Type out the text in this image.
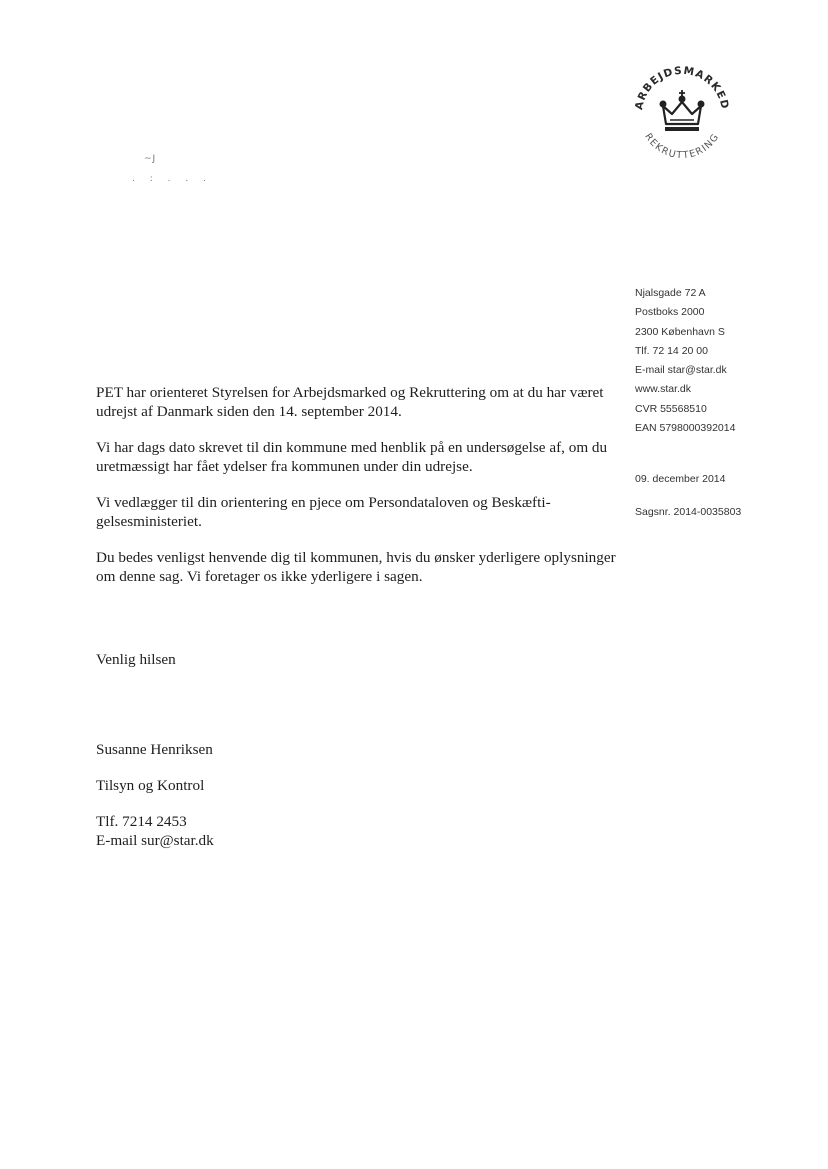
ARBEJDSMARKED
REKRUTTERING
~J
. : . . .
Njalsgade 72 A
Postboks 2000
2300 København S
Tlf. 72 14 20 00
E-mail star@star.dk
www.star.dk
CVR 55568510
EAN 5798000392014
09. december 2014
Sagsnr. 2014-0035803

PET har orienteret Styrelsen for Arbejdsmarked og Rekruttering om at du har været udrejst af Danmark siden den 14. september 2014.

Vi har dags dato skrevet til din kommune med henblik på en undersøgelse af, om du uretmæssigt har fået ydelser fra kommunen under din udrejse.

Vi vedlægger til din orientering en pjece om Persondataloven og Beskæftigelsesministeriet.

Du bedes venligst henvende dig til kommunen, hvis du ønsker yderligere oplysninger om denne sag. Vi foretager os ikke yderligere i sagen.

Venlig hilsen
Susanne Henriksen
Tilsyn og Kontrol
Tlf. 7214 2453
E-mail sur@star.dk
